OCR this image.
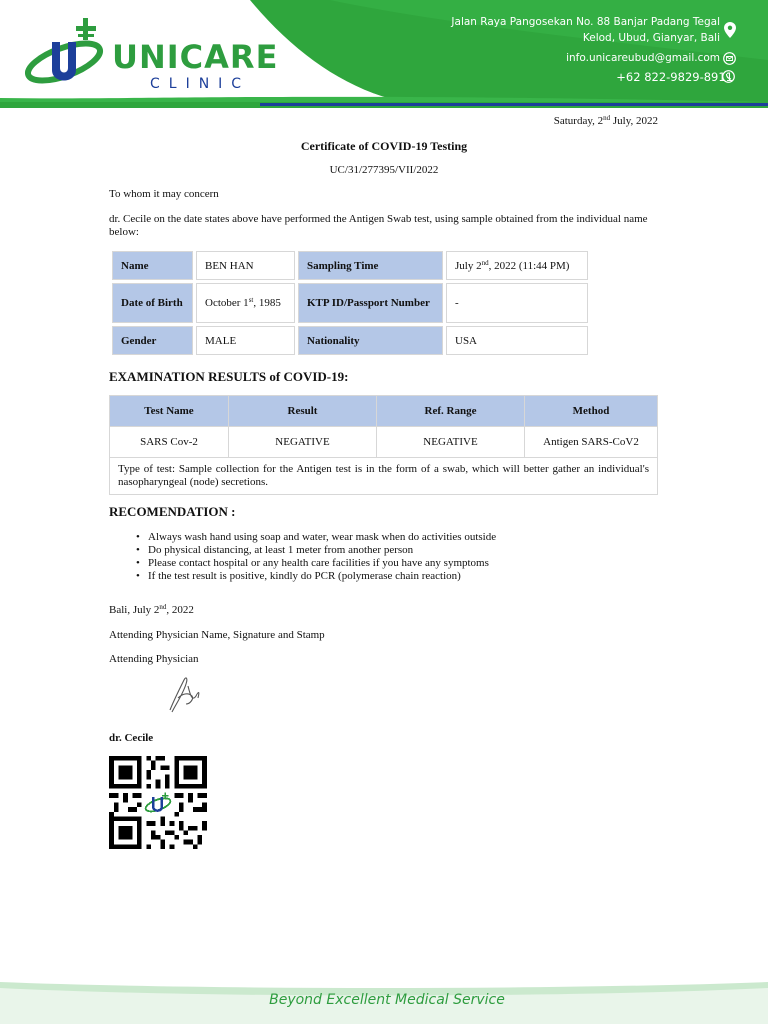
UNICARE
CLINIC
Jalan Raya Pangosekan No. 88 Banjar Padang Tegal
Kelod, Ubud, Gianyar, Bali
info.unicareubud@gmail.com
+62 822-9829-8911
Saturday, 2nd July, 2022
Certificate of COVID-19 Testing
UC/31/277395/VII/2022
To whom it may concern
dr. Cecile on the date states above have performed the Antigen Swab test, using sample obtained from the individual name below:
Name	BEN HAN	Sampling Time	July 2nd, 2022 (11:44 PM)
Date of Birth	October 1st, 1985	KTP ID/Passport Number	-
Gender	MALE	Nationality	USA
EXAMINATION RESULTS of COVID-19:
Test Name	Result	Ref. Range	Method
SARS Cov-2	NEGATIVE	NEGATIVE	Antigen SARS-CoV2
Type of test: Sample collection for the Antigen test is in the form of a swab, which will better gather an individual's nasopharyngeal (node) secretions.			
RECOMENDATION :
• Always wash hand using soap and water, wear mask when do activities outside
• Do physical distancing, at least 1 meter from another person
• Please contact hospital or any health care facilities if you have any symptoms
• If the test result is positive, kindly do PCR (polymerase chain reaction)
Bali, July 2nd, 2022
Attending Physician Name, Signature and Stamp
Attending Physician
dr. Cecile
Beyond Excellent Medical Service
